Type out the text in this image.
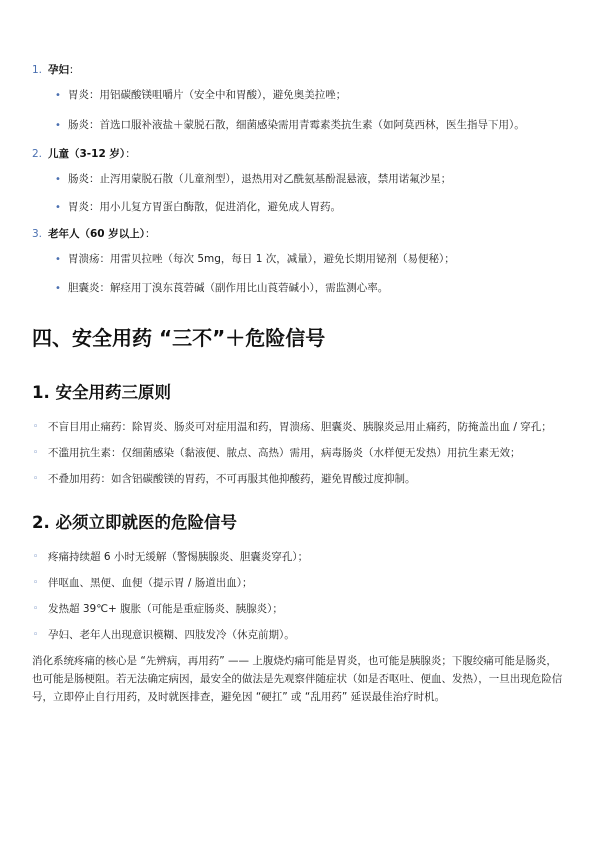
1. 孕妇：
• 胃炎：用铝碳酸镁咀嚼片（安全中和胃酸），避免奥美拉唑；
• 肠炎：首选口服补液盐＋蒙脱石散，细菌感染需用青霉素类抗生素（如阿莫西林，医生指导下用）。
2. 儿童（3-12 岁）：
• 肠炎：止泻用蒙脱石散（儿童剂型），退热用对乙酰氨基酚混悬液，禁用诺氟沙星；
• 胃炎：用小儿复方胃蛋白酶散，促进消化，避免成人胃药。
3. 老年人（60 岁以上）：
• 胃溃疡：用雷贝拉唑（每次 5mg，每日 1 次，减量），避免长期用铋剂（易便秘）；
• 胆囊炎：解痉用丁溴东莨菪碱（副作用比山莨菪碱小），需监测心率。
四、安全用药 “三不”＋危险信号
1. 安全用药三原则
◦ 不盲目用止痛药：除胃炎、肠炎可对症用温和药，胃溃疡、胆囊炎、胰腺炎忌用止痛药，防掩盖出血 / 穿孔；
◦ 不滥用抗生素：仅细菌感染（黏液便、脓点、高热）需用，病毒肠炎（水样便无发热）用抗生素无效；
◦ 不叠加用药：如含铝碳酸镁的胃药，不可再服其他抑酸药，避免胃酸过度抑制。
2. 必须立即就医的危险信号
◦ 疼痛持续超 6 小时无缓解（警惕胰腺炎、胆囊炎穿孔）；
◦ 伴呕血、黑便、血便（提示胃 / 肠道出血）；
◦ 发热超 39℃+ 腹胀（可能是重症肠炎、胰腺炎）；
◦ 孕妇、老年人出现意识模糊、四肢发冷（休克前期）。

消化系统疼痛的核心是 “先辨病，再用药” —— 上腹烧灼痛可能是胃炎，也可能是胰腺炎；下腹绞痛可能是肠炎，也可能是肠梗阻。若无法确定病因，最安全的做法是先观察伴随症状（如是否呕吐、便血、发热），一旦出现危险信号，立即停止自行用药，及时就医排查，避免因 “硬扛” 或 “乱用药” 延误最佳治疗时机。
